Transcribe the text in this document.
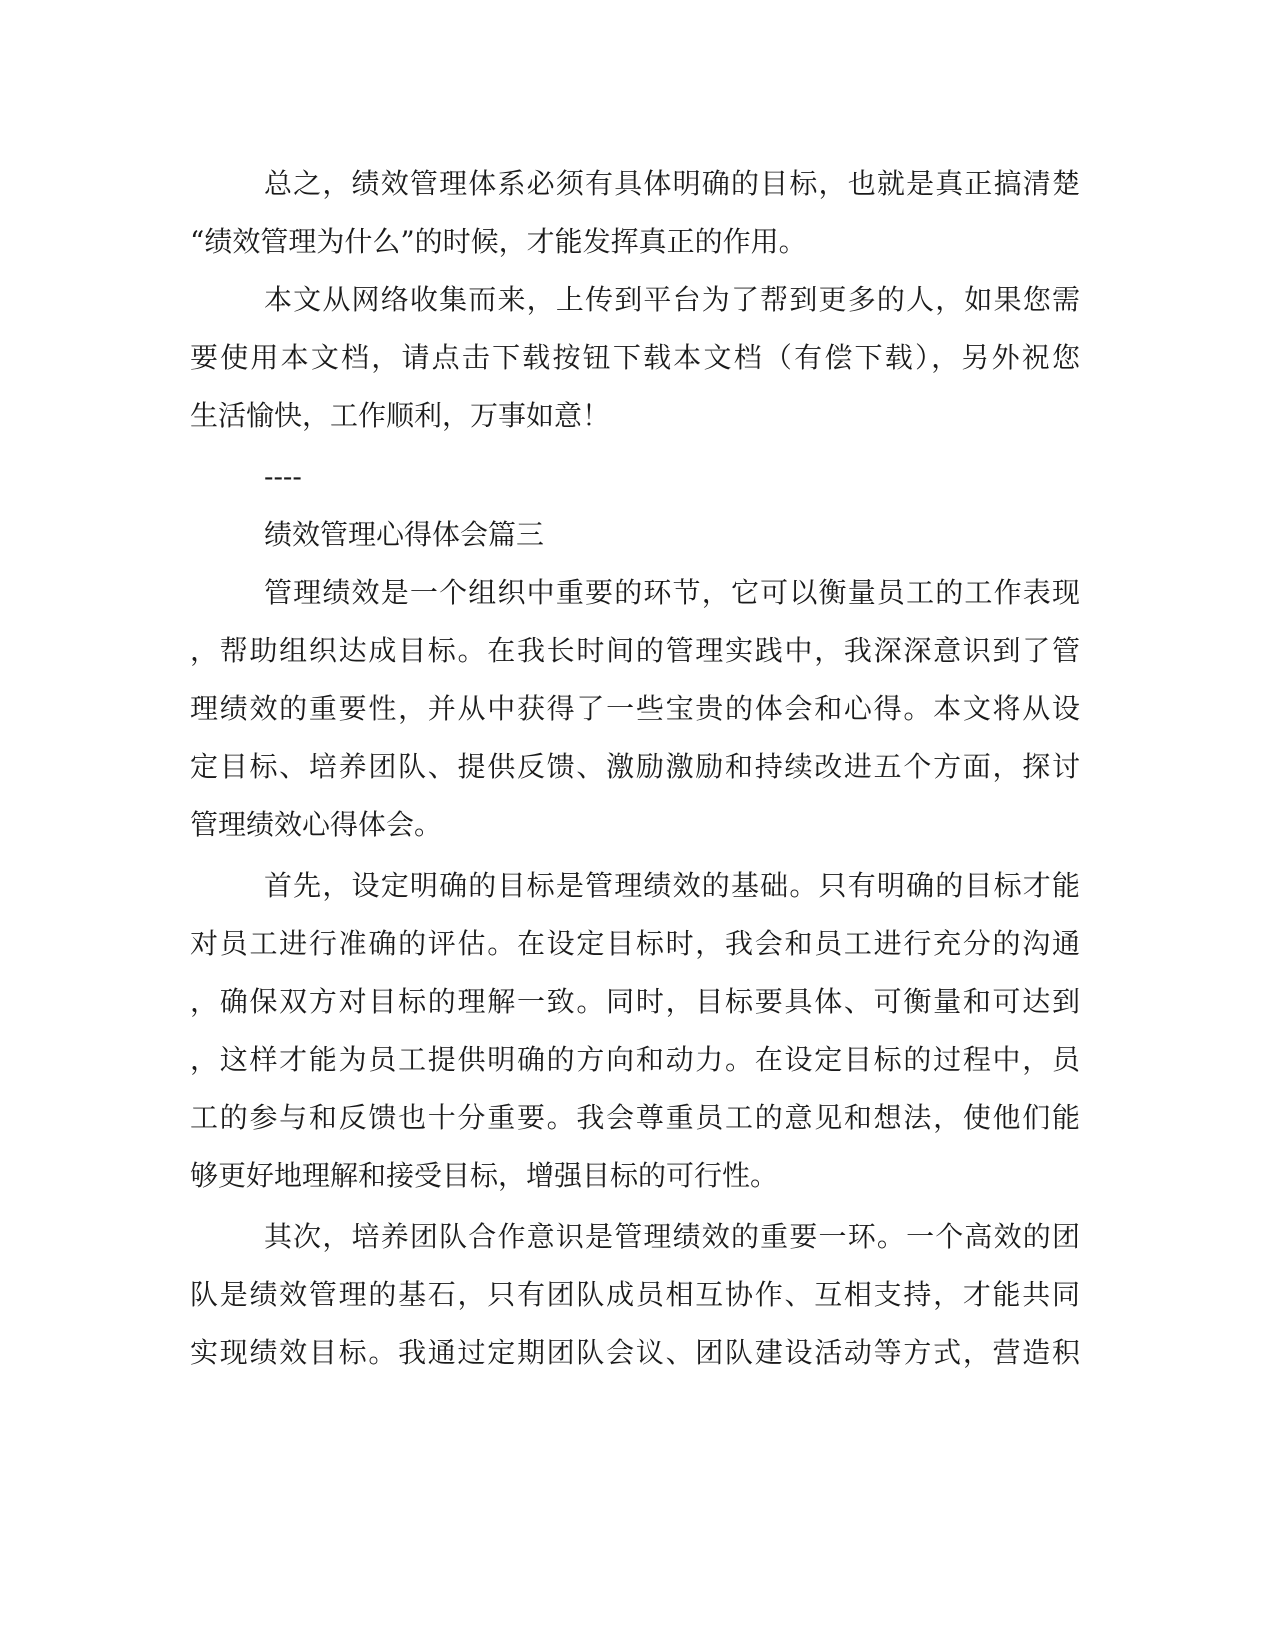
总之，绩效管理体系必须有具体明确的目标，也就是真正搞清楚
“绩效管理为什么”的时候，才能发挥真正的作用。
本文从网络收集而来，上传到平台为了帮到更多的人，如果您需
要使用本文档，请点击下载按钮下载本文档（有偿下载），另外祝您
生活愉快，工作顺利，万事如意！
----
绩效管理心得体会篇三
管理绩效是一个组织中重要的环节，它可以衡量员工的工作表现
，帮助组织达成目标。在我长时间的管理实践中，我深深意识到了管
理绩效的重要性，并从中获得了一些宝贵的体会和心得。本文将从设
定目标、培养团队、提供反馈、激励激励和持续改进五个方面，探讨
管理绩效心得体会。
首先，设定明确的目标是管理绩效的基础。只有明确的目标才能
对员工进行准确的评估。在设定目标时，我会和员工进行充分的沟通
，确保双方对目标的理解一致。同时，目标要具体、可衡量和可达到
，这样才能为员工提供明确的方向和动力。在设定目标的过程中，员
工的参与和反馈也十分重要。我会尊重员工的意见和想法，使他们能
够更好地理解和接受目标，增强目标的可行性。
其次，培养团队合作意识是管理绩效的重要一环。一个高效的团
队是绩效管理的基石，只有团队成员相互协作、互相支持，才能共同
实现绩效目标。我通过定期团队会议、团队建设活动等方式，营造积
